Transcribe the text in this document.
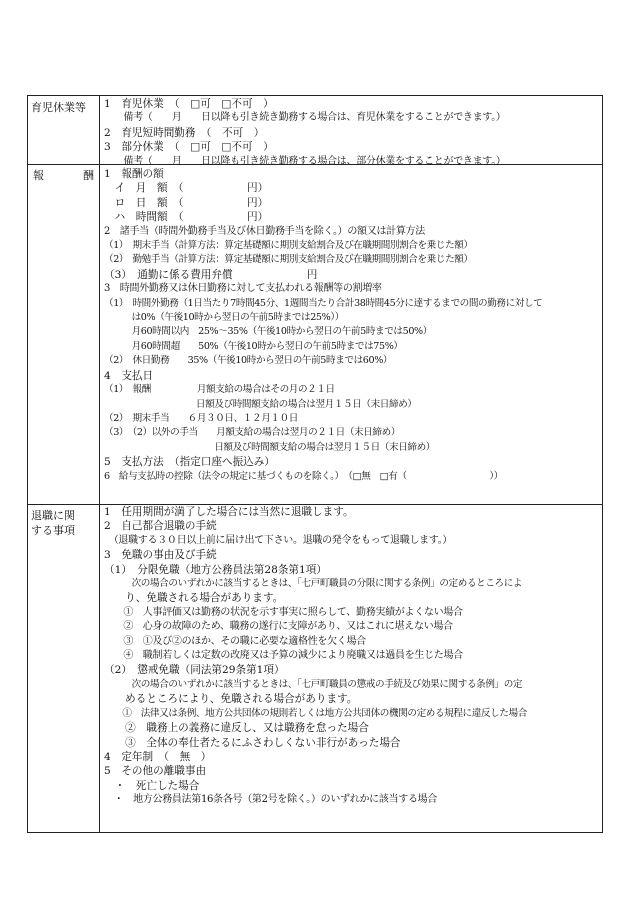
育児休業等	1　育児休業　（　□可　□不可　）
　　備考（　　月　　日以降も引き続き勤務する場合は、育児休業をすることができます。）
2　育児短時間勤務　（　不可　）
3　部分休業　（　□可　□不可　）
　　備考（　　月　　日以降も引き続き勤務する場合は、部分休業をすることができます。）
報	酬 1　報酬の額
　イ　月　額　（　　　　　　円）
　ロ　日　額　（　　　　　　円）
　ハ　時間額　（　　　　　　円）
2　諸手当（時間外勤務手当及び休日勤務手当を除く。）の額又は計算方法
（1）　期末手当（計算方法：算定基礎額に期別支給割合及び在職期間別割合を乗じた額）
（2）　勤勉手当（計算方法：算定基礎額に期別支給割合及び在職期間別割合を乗じた額）
（3）　通勤に係る費用弁償　　　　　　　円
3　時間外勤務又は休日勤務に対して支払われる報酬等の割増率
（1）　時間外勤務（1日当たり7時間45分、1週間当たり合計38時間45分に達するまでの間の勤務に対して
　　　は0%（午後10時から翌日の午前5時までは25%））
　　　月60時間以内　25%～35%（午後10時から翌日の午前5時までは50%）
　　　月60時間超　　50%（午後10時から翌日の午前5時までは75%）
（2）　休日勤務　　35%（午後10時から翌日の午前5時までは60%）
4　支払日
（1）　報酬　　　　　月額支給の場合はその月の２１日
　　　　　　　　　　日額及び時間額支給の場合は翌月１５日（末日締め）
（2）　期末手当　　６月３０日、１２月１０日
（3）　（2）以外の手当　　月額支給の場合は翌月の２１日（末日締め）
　　　　　　　　　　　　日額及び時間額支給の場合は翌月１５日（末日締め）
5　支払方法　（指定口座へ振込み）
6　給与支払時の控除（法令の規定に基づくものを除く。）　（□無　□有（　　　　　　　　　））
退職に関
する事項
1　任用期間が満了した場合には当然に退職します。
2　自己都合退職の手続
　（退職する３０日以上前に届け出て下さい。退職の発令をもって退職します。）
3　免職の事由及び手続
（1）　分限免職（地方公務員法第28条第1項）
　　　次の場合のいずれかに該当するときは、「七戸町職員の分限に関する条例」の定めるところによ
　　り、免職される場合があります。
　　①　人事評価又は勤務の状況を示す事実に照らして、勤務実績がよくない場合
　　②　心身の故障のため、職務の遂行に支障があり、又はこれに堪えない場合
　　③　①及び②のほか、その職に必要な適格性を欠く場合
　　④　職制若しくは定数の改廃又は予算の減少により廃職又は過員を生じた場合
（2）　懲戒免職（同法第29条第1項）
　　　次の場合のいずれかに該当するときは、「七戸町職員の懲戒の手続及び効果に関する条例」の定
　　めるところにより、免職される場合があります。
　　①　法律又は条例、地方公共団体の規則若しくは地方公共団体の機関の定める規程に違反した場合
　　②　職務上の義務に違反し、又は職務を怠った場合
　　③　全体の奉仕者たるにふさわしくない非行があった場合
4　定年制　（　無　）
5　その他の離職事由
　・　死亡した場合
　・　地方公務員法第16条各号（第2号を除く。）のいずれかに該当する場合
